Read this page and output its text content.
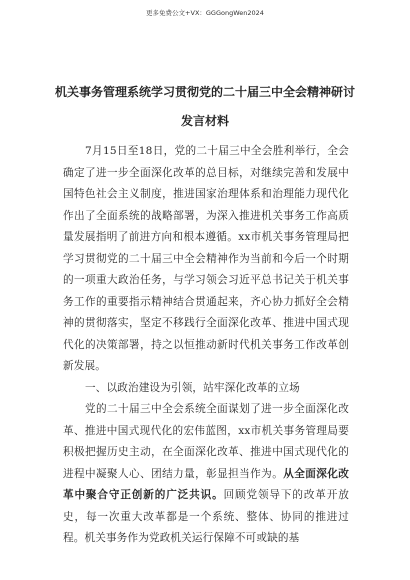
更多免费公文+VX：GGGongWen2024
机关事务管理系统学习贯彻党的二十届三中全会精神研讨
发言材料

7月15日至18日，党的二十届三中全会胜利举行，全会确定了进一步全面深化改革的总目标，对继续完善和发展中国特色社会主义制度，推进国家治理体系和治理能力现代化作出了全面系统的战略部署，为深入推进机关事务工作高质量发展指明了前进方向和根本遵循。xx市机关事务管理局把学习贯彻党的二十届三中全会精神作为当前和今后一个时期的一项重大政治任务，与学习领会习近平总书记关于机关事务工作的重要指示精神结合贯通起来，齐心协力抓好全会精神的贯彻落实，坚定不移践行全面深化改革、推进中国式现代化的决策部署，持之以恒推动新时代机关事务工作改革创新发展。

一、以政治建设为引领，站牢深化改革的立场

党的二十届三中全会系统全面谋划了进一步全面深化改革、推进中国式现代化的宏伟蓝图，xx市机关事务管理局要积极把握历史主动，在全面深化改革、推进中国式现代化的进程中凝聚人心、团结力量，彰显担当作为。从全面深化改革中聚合守正创新的广泛共识。回顾党领导下的改革开放史，每一次重大改革都是一个系统、整体、协同的推进过程。机关事务作为党政机关运行保障不可或缺的基
